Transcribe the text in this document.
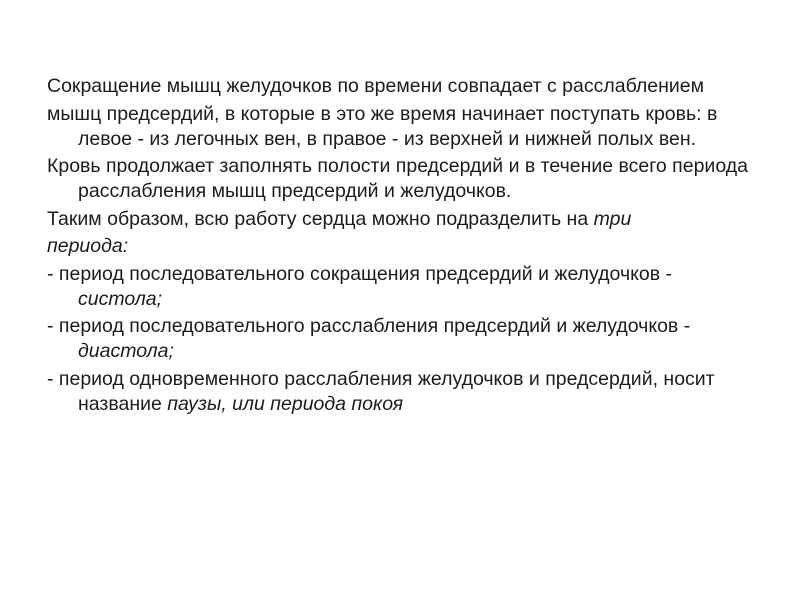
Сокращение мышц желудочков по времени совпадает с расслаблением

мышц предсердий, в которые в это же время начинает поступать кровь: в левое - из легочных вен, в правое - из верхней и нижней полых вен.

Кровь продолжает заполнять полости предсердий и в течение всего периода расслабления мышц предсердий и желудочков.

Таким образом, всю работу сердца можно подразделить на три

периода:

- период последовательного сокращения предсердий и желудочков - систола;

- период последовательного расслабления предсердий и желудочков - диастола;

- период одновременного расслабления желудочков и предсердий, носит название паузы, или периода покоя
